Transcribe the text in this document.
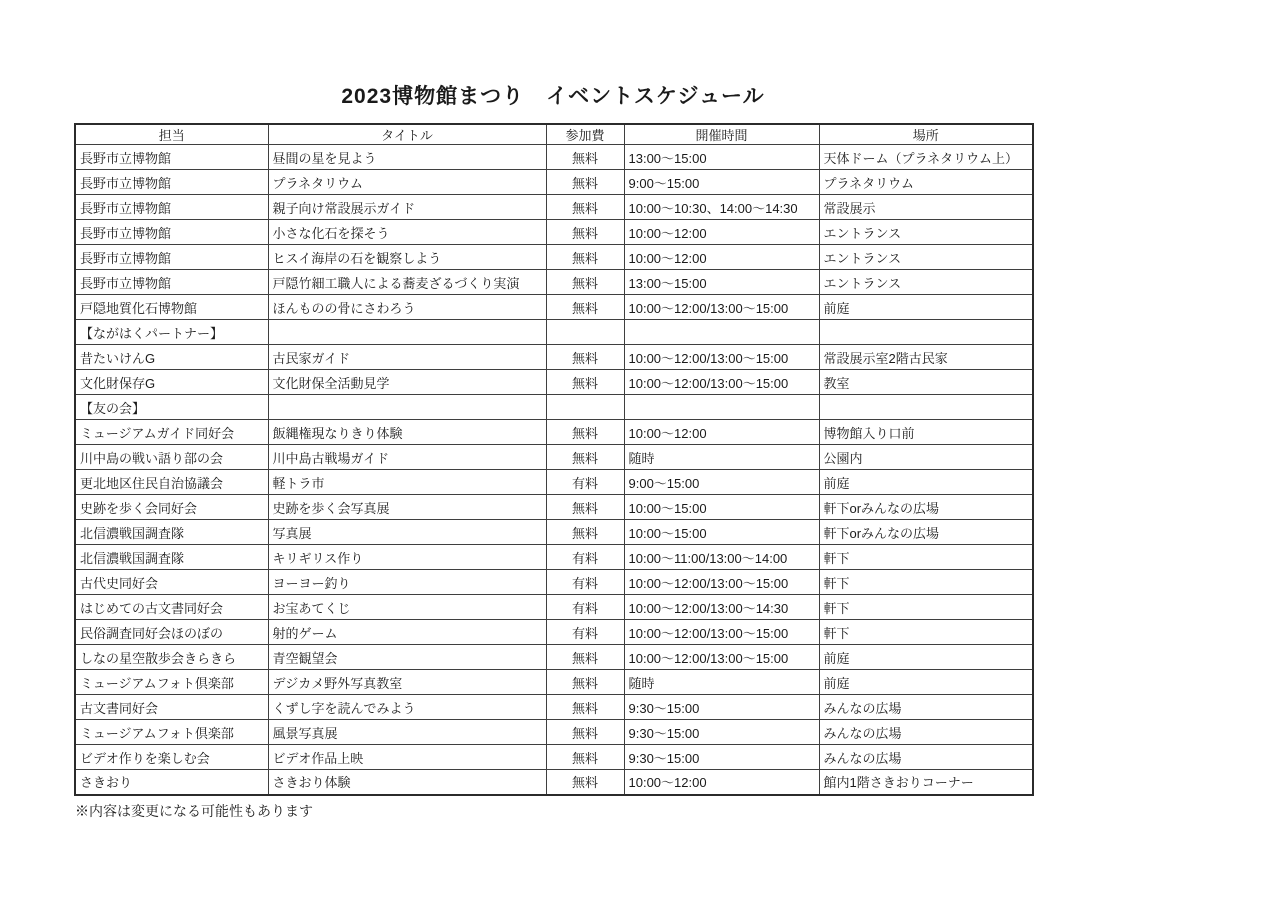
2023博物館まつり　イベントスケジュール
担当	タイトル	参加費	開催時間	場所
長野市立博物館	昼間の星を見よう	無料	13:00～15:00	天体ドーム（プラネタリウム上）
長野市立博物館	プラネタリウム	無料	9:00～15:00	プラネタリウム
長野市立博物館	親子向け常設展示ガイド	無料	10:00～10:30、14:00～14:30	常設展示
長野市立博物館	小さな化石を探そう	無料	10:00～12:00	エントランス
長野市立博物館	ヒスイ海岸の石を観察しよう	無料	10:00～12:00	エントランス
長野市立博物館	戸隠竹細工職人による蕎麦ざるづくり実演	無料	13:00～15:00	エントランス
戸隠地質化石博物館	ほんものの骨にさわろう	無料	10:00～12:00/13:00～15:00	前庭
【ながはくパートナー】				
昔たいけんG	古民家ガイド	無料	10:00～12:00/13:00～15:00	常設展示室2階古民家
文化財保存G	文化財保全活動見学	無料	10:00～12:00/13:00～15:00	教室
【友の会】				
ミュージアムガイド同好会	飯縄権現なりきり体験	無料	10:00～12:00	博物館入り口前
川中島の戦い語り部の会	川中島古戦場ガイド	無料	随時	公園内
更北地区住民自治協議会	軽トラ市	有料	9:00～15:00	前庭
史跡を歩く会同好会	史跡を歩く会写真展	無料	10:00～15:00	軒下orみんなの広場
北信濃戦国調査隊	写真展	無料	10:00～15:00	軒下orみんなの広場
北信濃戦国調査隊	キリギリス作り	有料	10:00～11:00/13:00～14:00	軒下
古代史同好会	ヨーヨー釣り	有料	10:00～12:00/13:00～15:00	軒下
はじめての古文書同好会	お宝あてくじ	有料	10:00～12:00/13:00～14:30	軒下
民俗調査同好会ほのぼの	射的ゲーム	有料	10:00～12:00/13:00～15:00	軒下
しなの星空散歩会きらきら	青空観望会	無料	10:00～12:00/13:00～15:00	前庭
ミュージアムフォト倶楽部	デジカメ野外写真教室	無料	随時	前庭
古文書同好会	くずし字を読んでみよう	無料	9:30～15:00	みんなの広場
ミュージアムフォト倶楽部	風景写真展	無料	9:30～15:00	みんなの広場
ビデオ作りを楽しむ会	ビデオ作品上映	無料	9:30～15:00	みんなの広場
さきおり	さきおり体験	無料	10:00～12:00	館内1階さきおりコーナー
※内容は変更になる可能性もあります
